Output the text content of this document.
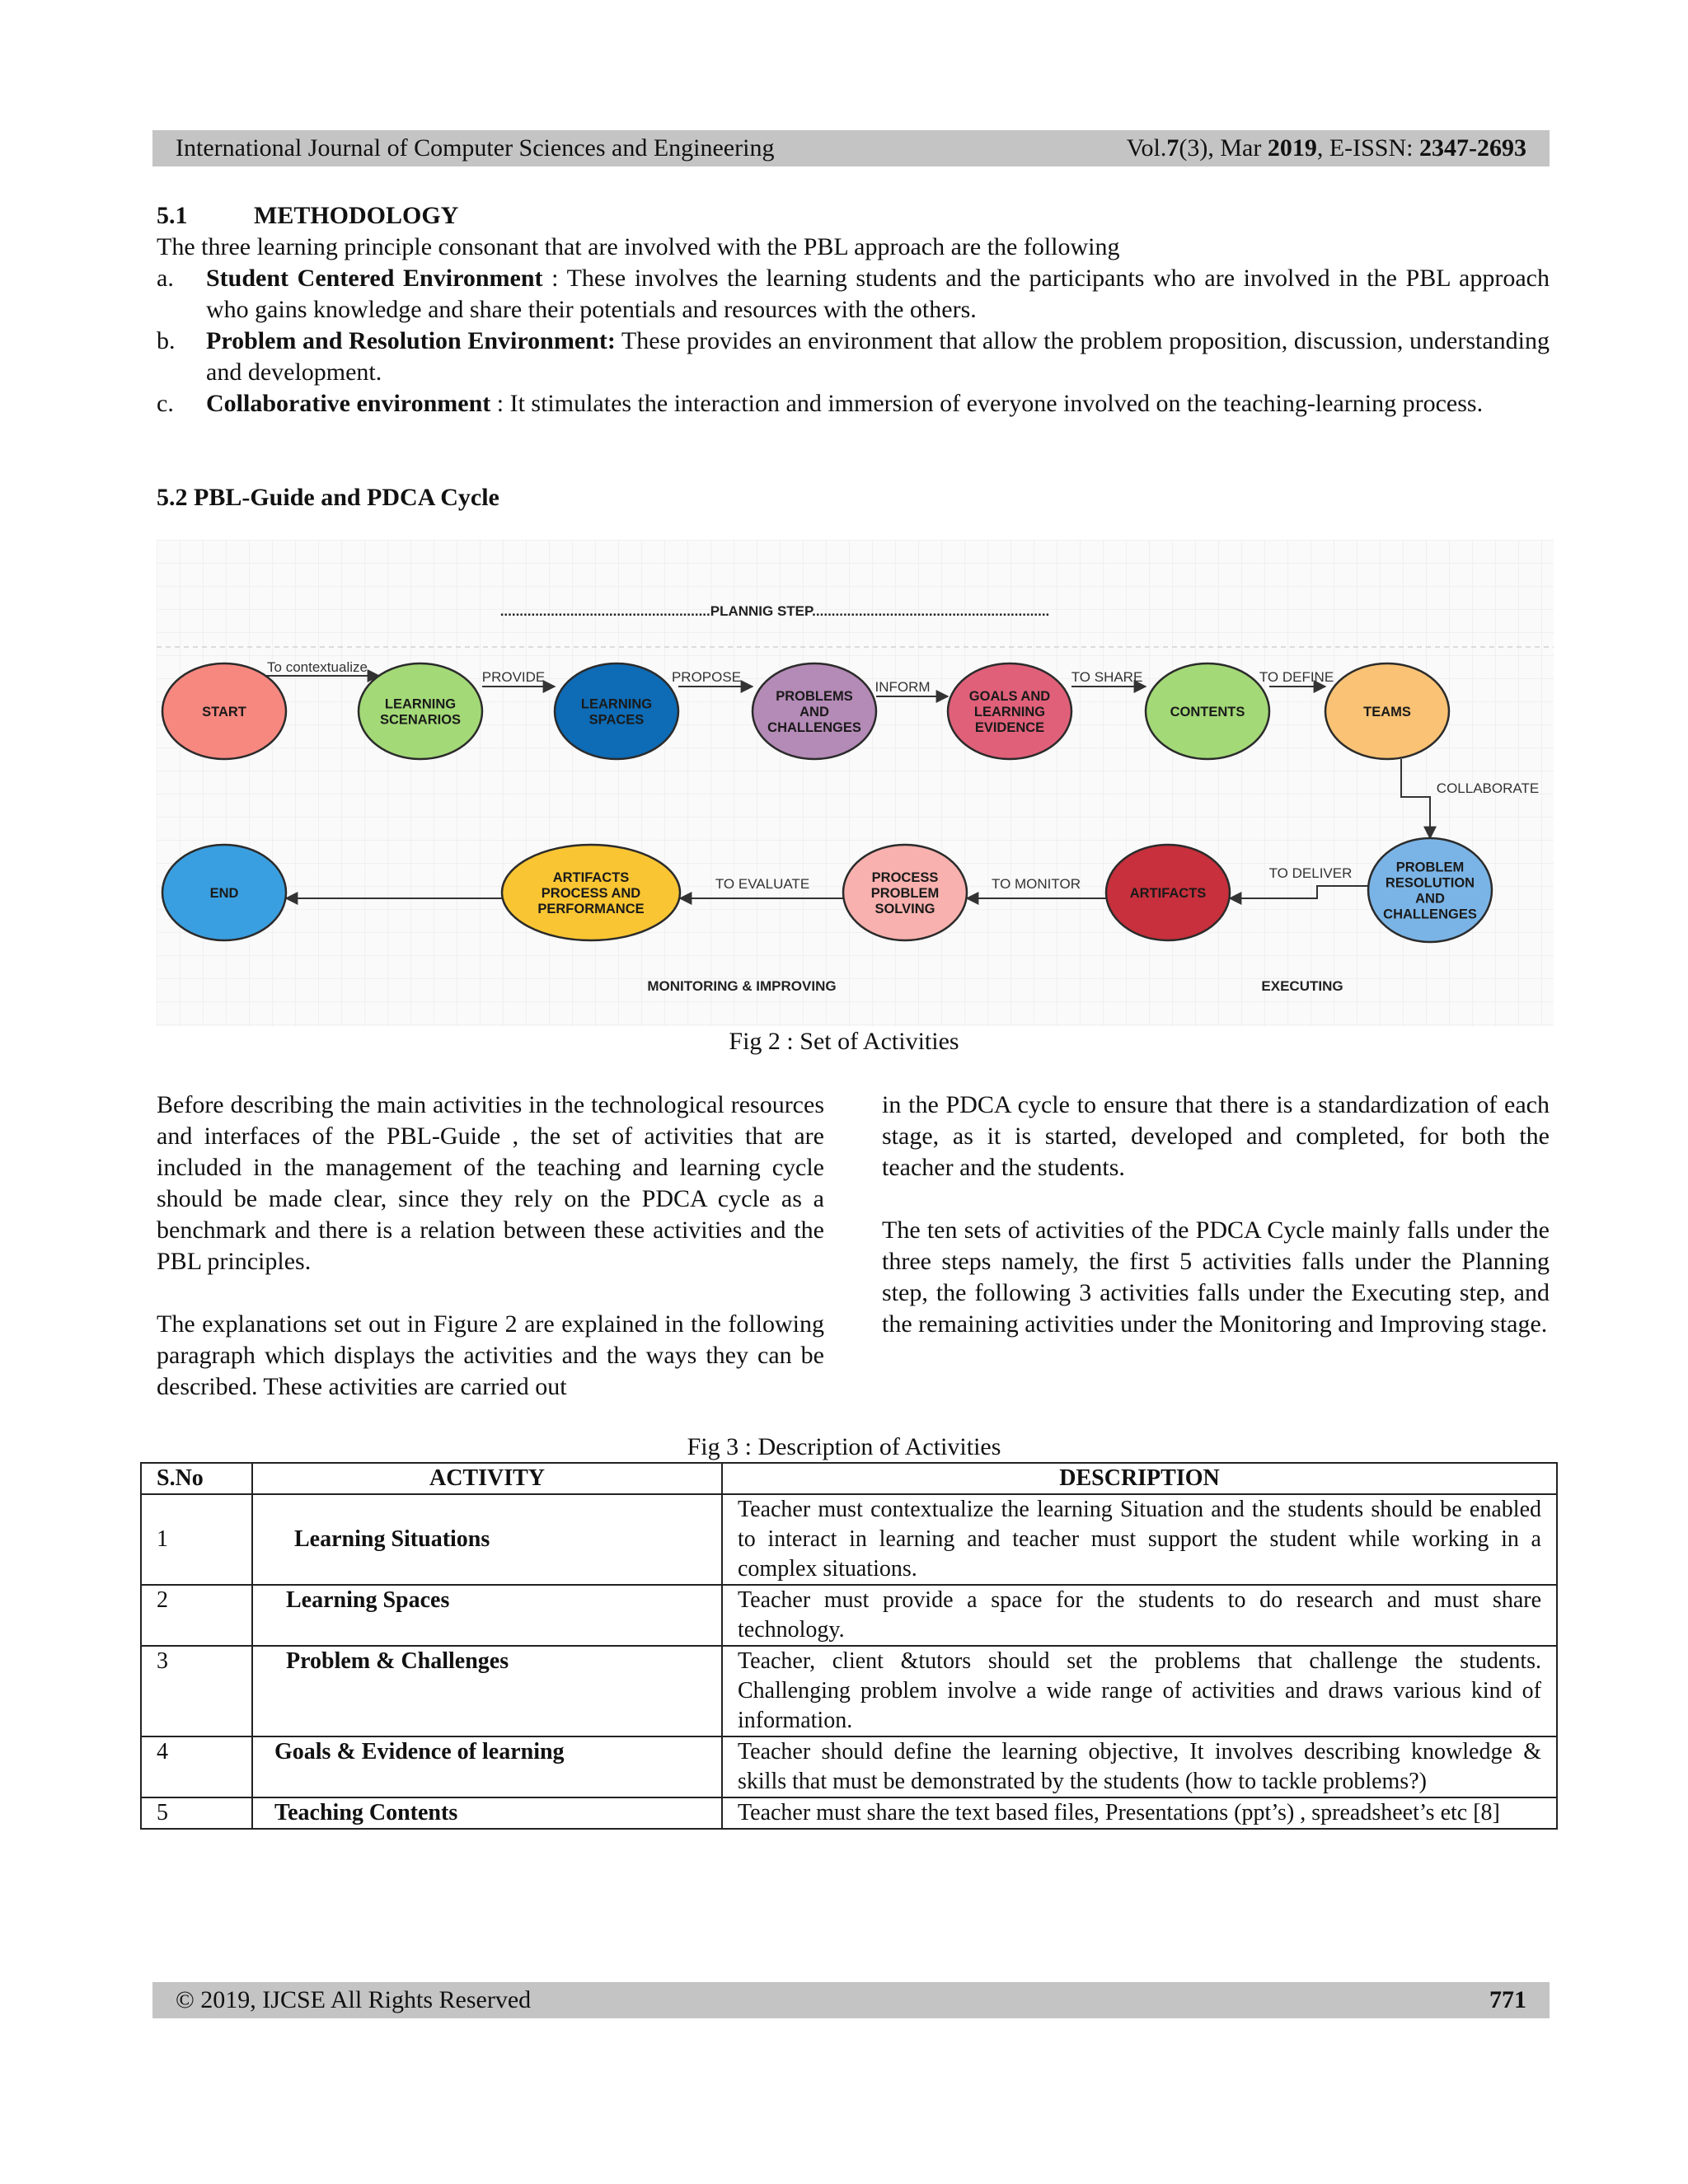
International Journal of Computer Sciences and Engineering	Vol.7(3), Mar 2019, E-ISSN: 2347-2693
5.1	METHODOLOGY
The three learning principle consonant that are involved with the PBL approach are the following
a. Student Centered Environment : These involves the learning students and the participants who are involved in the PBL approach who gains knowledge and share their potentials and resources with the others.
b. Problem and Resolution Environment: These provides an environment that allow the problem proposition, discussion, understanding and development.
c. Collaborative environment : It stimulates the interaction and immersion of everyone involved on the teaching-learning process.
5.2 PBL-Guide and PDCA Cycle
......................................................PLANNIG STEP.............................................................
MONITORING & IMPROVING	EXECUTING
To contextualize
PROVIDE	PROPOSE
INFORM
TO SHARE	TO DEFINE
COLLABORATE
TO DELIVER
TO MONITOR
TO EVALUATE
START
LEARNING
SCENARIOS
LEARNING
SPACES
PROBLEMS
AND
CHALLENGES
GOALS AND
LEARNING
EVIDENCE
CONTENTS	TEAMS
PROBLEM
RESOLUTION
AND
CHALLENGES
ARTIFACTS
PROCESS
PROBLEM
SOLVING
ARTIFACTS
PROCESS AND
PERFORMANCE
END
Fig 2 : Set of Activities

Before describing the main activities in the technological resources and interfaces of the PBL-Guide , the set of activities that are included in the management of the teaching and learning cycle should be made clear, since they rely on the PDCA cycle as a benchmark and there is a relation between these activities and the PBL principles.

The explanations set out in Figure 2 are explained in the following paragraph which displays the activities and the ways they can be described. These activities are carried out

in the PDCA cycle to ensure that there is a standardization of each stage, as it is started, developed and completed, for both the teacher and the students.

The ten sets of activities of the PDCA Cycle mainly falls under the three steps namely, the first 5 activities falls under the Planning step, the following 3 activities falls under the Executing step, and the remaining activities under the Monitoring and Improving stage.

Fig 3 : Description of Activities
S.No	ACTIVITY	DESCRIPTION
1	Learning Situations	Teacher must contextualize the learning Situation and the students should be enabled to interact in learning and teacher must support the student while working in a complex situations.
2	Learning Spaces	Teacher must provide a space for the students to do research and must share technology.
3	Problem & Challenges	Teacher, client &tutors should set the problems that challenge the students. Challenging problem involve a wide range of activities and draws various kind of information.
4	Goals & Evidence of learning	Teacher should define the learning objective, It involves describing knowledge & skills that must be demonstrated by the students (how to tackle problems?)
5	Teaching Contents	Teacher must share the text based files, Presentations (ppt’s) , spreadsheet’s etc [8]
© 2019, IJCSE All Rights Reserved	771
